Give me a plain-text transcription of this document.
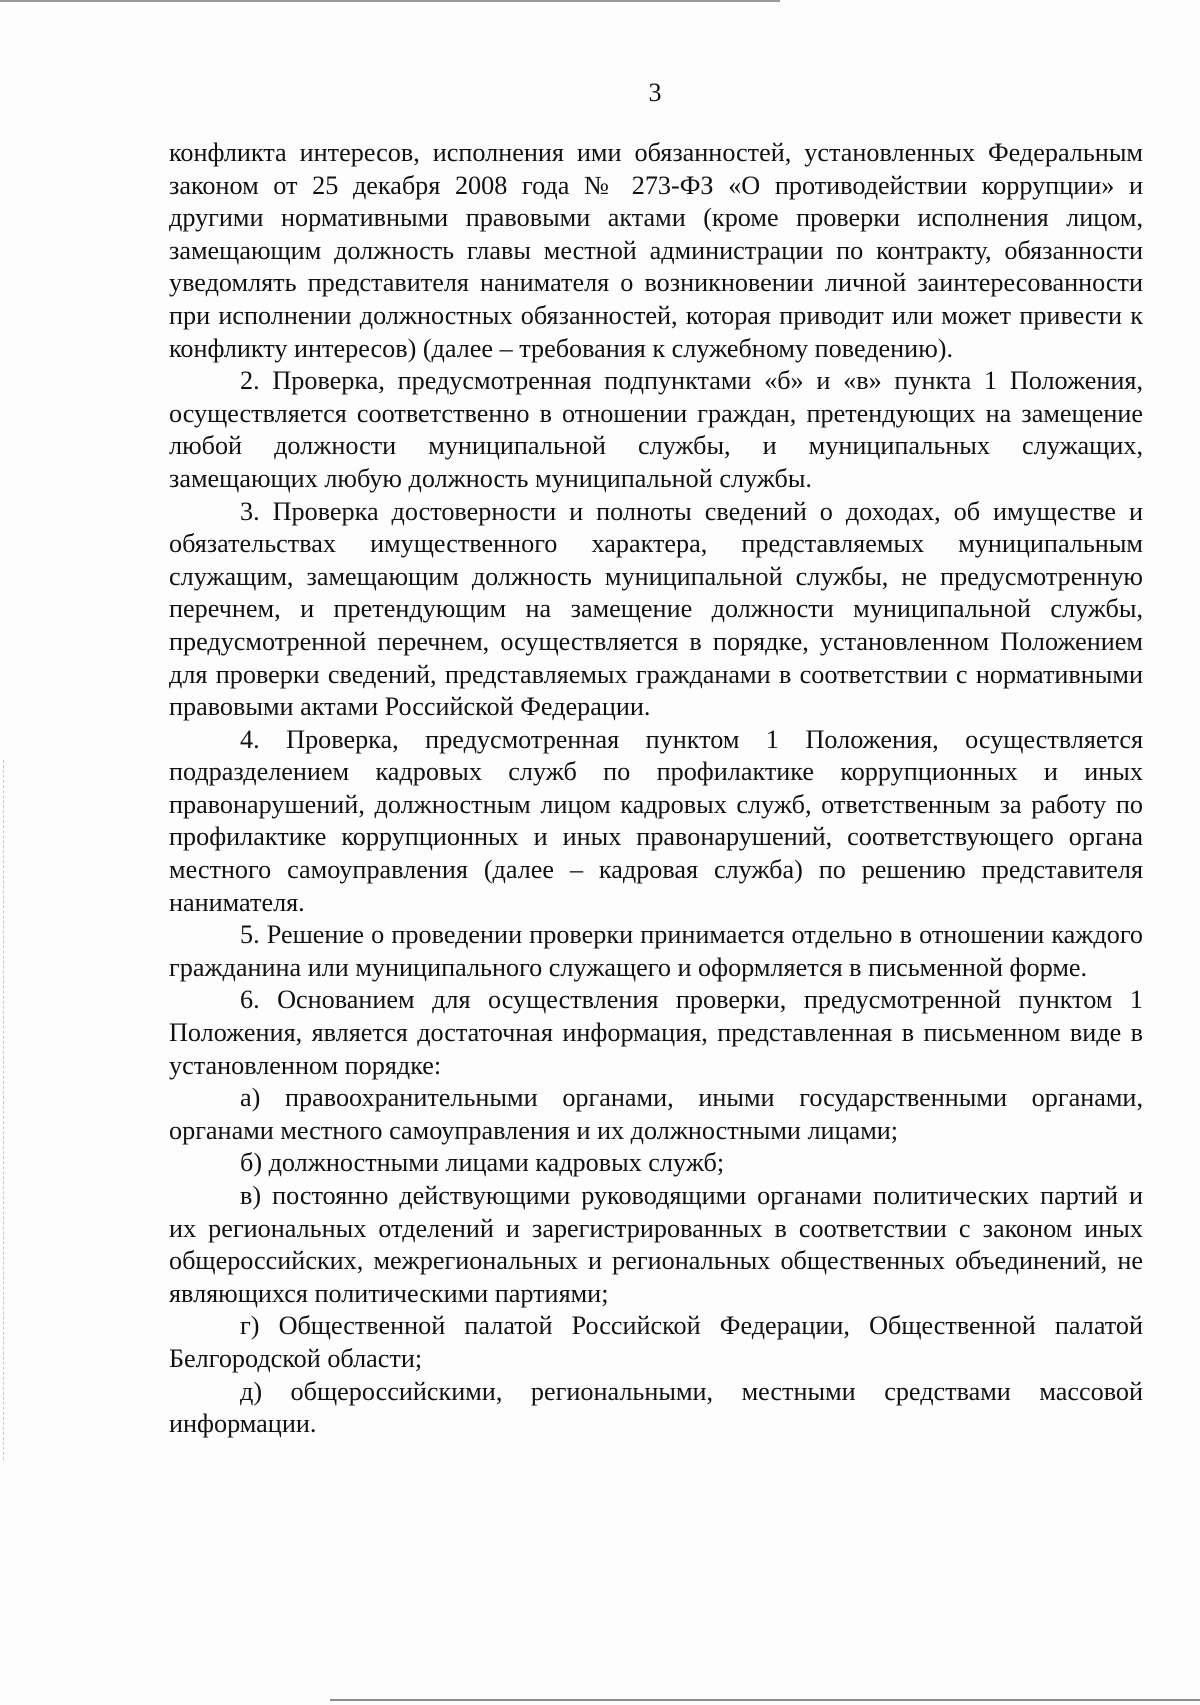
3

конфликта интересов, исполнения ими обязанностей, установленных Федеральным законом от 25 декабря 2008 года № 273-ФЗ «О противодействии коррупции» и другими нормативными правовыми актами (кроме проверки исполнения лицом, замещающим должность главы местной администрации по контракту, обязанности уведомлять представителя нанимателя о возникновении личной заинтересованности при исполнении должностных обязанностей, которая приводит или может привести к конфликту интересов) (далее – требования к служебному поведению).

2. Проверка, предусмотренная подпунктами «б» и «в» пункта 1 Положения, осуществляется соответственно в отношении граждан, претендующих на замещение любой должности муниципальной службы, и муниципальных служащих, замещающих любую должность муниципальной службы.

3. Проверка достоверности и полноты сведений о доходах, об имуществе и обязательствах имущественного характера, представляемых муниципальным служащим, замещающим должность муниципальной службы, не предусмотренную перечнем, и претендующим на замещение должности муниципальной службы, предусмотренной перечнем, осуществляется в порядке, установленном Положением для проверки сведений, представляемых гражданами в соответствии с нормативными правовыми актами Российской Федерации.

4. Проверка, предусмотренная пунктом 1 Положения, осуществляется подразделением кадровых служб по профилактике коррупционных и иных правонарушений, должностным лицом кадровых служб, ответственным за работу по профилактике коррупционных и иных правонарушений, соответствующего органа местного самоуправления (далее – кадровая служба) по решению представителя нанимателя.

5. Решение о проведении проверки принимается отдельно в отношении каждого гражданина или муниципального служащего и оформляется в письменной форме.

6. Основанием для осуществления проверки, предусмотренной пунктом 1 Положения, является достаточная информация, представленная в письменном виде в установленном порядке:

а) правоохранительными органами, иными государственными органами, органами местного самоуправления и их должностными лицами;

б) должностными лицами кадровых служб;

в) постоянно действующими руководящими органами политических партий и их региональных отделений и зарегистрированных в соответствии с законом иных общероссийских, межрегиональных и региональных общественных объединений, не являющихся политическими партиями;

г) Общественной палатой Российской Федерации, Общественной палатой Белгородской области;

д) общероссийскими, региональными, местными средствами массовой информации.
